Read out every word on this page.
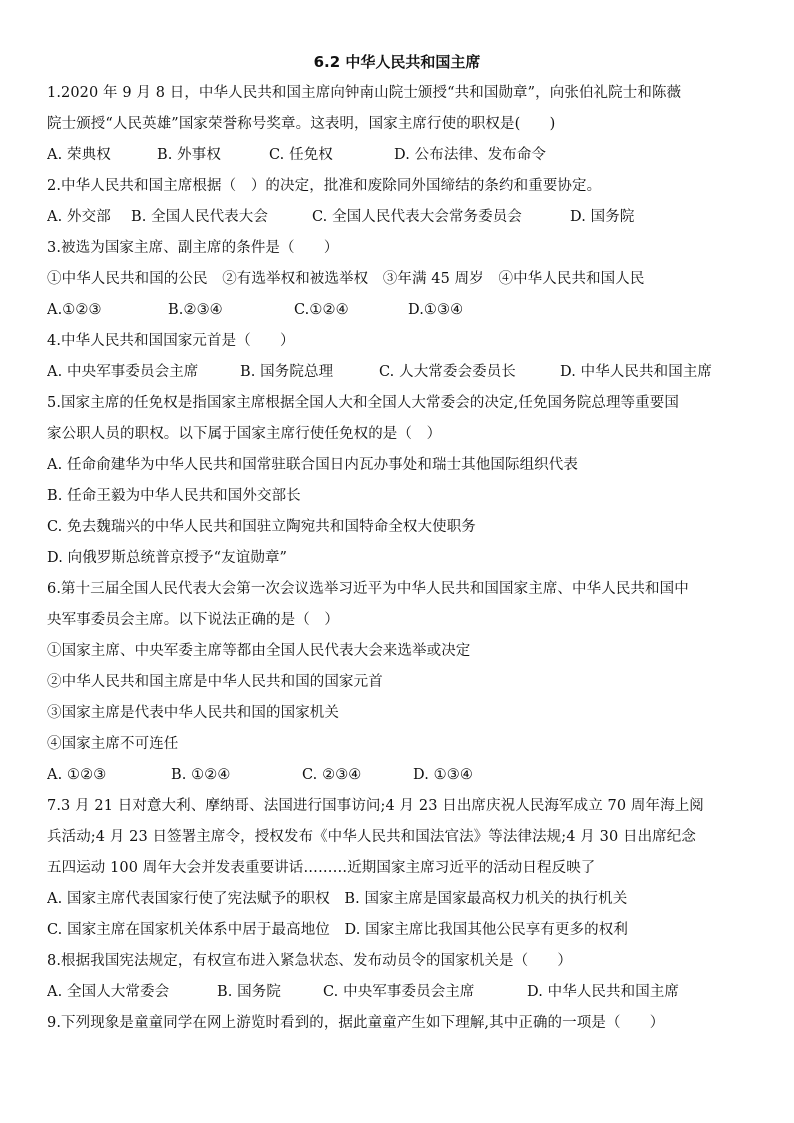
6.2 中华人民共和国主席
1.2020 年 9 月 8 日，中华人民共和国主席向钟南山院士颁授“共和国勋章”，向张伯礼院士和陈薇
院士颁授“人民英雄”国家荣誉称号奖章。这表明，国家主席行使的职权是(　　)
A. 荣典权	B. 外事权	C. 任免权	D. 公布法律、发布命令
2.中华人民共和国主席根据（　）的决定，批准和废除同外国缔结的条约和重要协定。
A. 外交部	B. 全国人民代表大会	C. 全国人民代表大会常务委员会	D. 国务院
3.被选为国家主席、副主席的条件是（　　）
①中华人民共和国的公民　②有选举权和被选举权　③年满 45 周岁　④中华人民共和国人民
A.①②③	B.②③④	C.①②④	D.①③④
4.中华人民共和国国家元首是（　　）
A. 中央军事委员会主席	B. 国务院总理	C. 人大常委会委员长	D. 中华人民共和国主席
5.国家主席的任免权是指国家主席根据全国人大和全国人大常委会的决定,任免国务院总理等重要国
家公职人员的职权。以下属于国家主席行使任免权的是（　）
A. 任命俞建华为中华人民共和国常驻联合国日内瓦办事处和瑞士其他国际组织代表
B. 任命王毅为中华人民共和国外交部长
C. 免去魏瑞兴的中华人民共和国驻立陶宛共和国特命全权大使职务
D. 向俄罗斯总统普京授予“友谊勋章”
6.第十三届全国人民代表大会第一次会议选举习近平为中华人民共和国国家主席、中华人民共和国中
央军事委员会主席。以下说法正确的是（　）
①国家主席、中央军委主席等都由全国人民代表大会来选举或决定
②中华人民共和国主席是中华人民共和国的国家元首
③国家主席是代表中华人民共和国的国家机关
④国家主席不可连任
A. ①②③	B. ①②④	C. ②③④	D. ①③④
7.3 月 21 日对意大利、摩纳哥、法国进行国事访问;4 月 23 日出席庆祝人民海军成立 70 周年海上阅
兵活动;4 月 23 日签署主席令，授权发布《中华人民共和国法官法》等法律法规;4 月 30 日出席纪念
五四运动 100 周年大会并发表重要讲话………近期国家主席习近平的活动日程反映了
A. 国家主席代表国家行使了宪法赋予的职权　B. 国家主席是国家最高权力机关的执行机关
C. 国家主席在国家机关体系中居于最高地位　D. 国家主席比我国其他公民享有更多的权利
8.根据我国宪法规定，有权宣布进入紧急状态、发布动员令的国家机关是（　　）
A. 全国人大常委会	B. 国务院	C. 中央军事委员会主席	D. 中华人民共和国主席
9.下列现象是童童同学在网上游览时看到的，据此童童产生如下理解,其中正确的一项是（　　）
